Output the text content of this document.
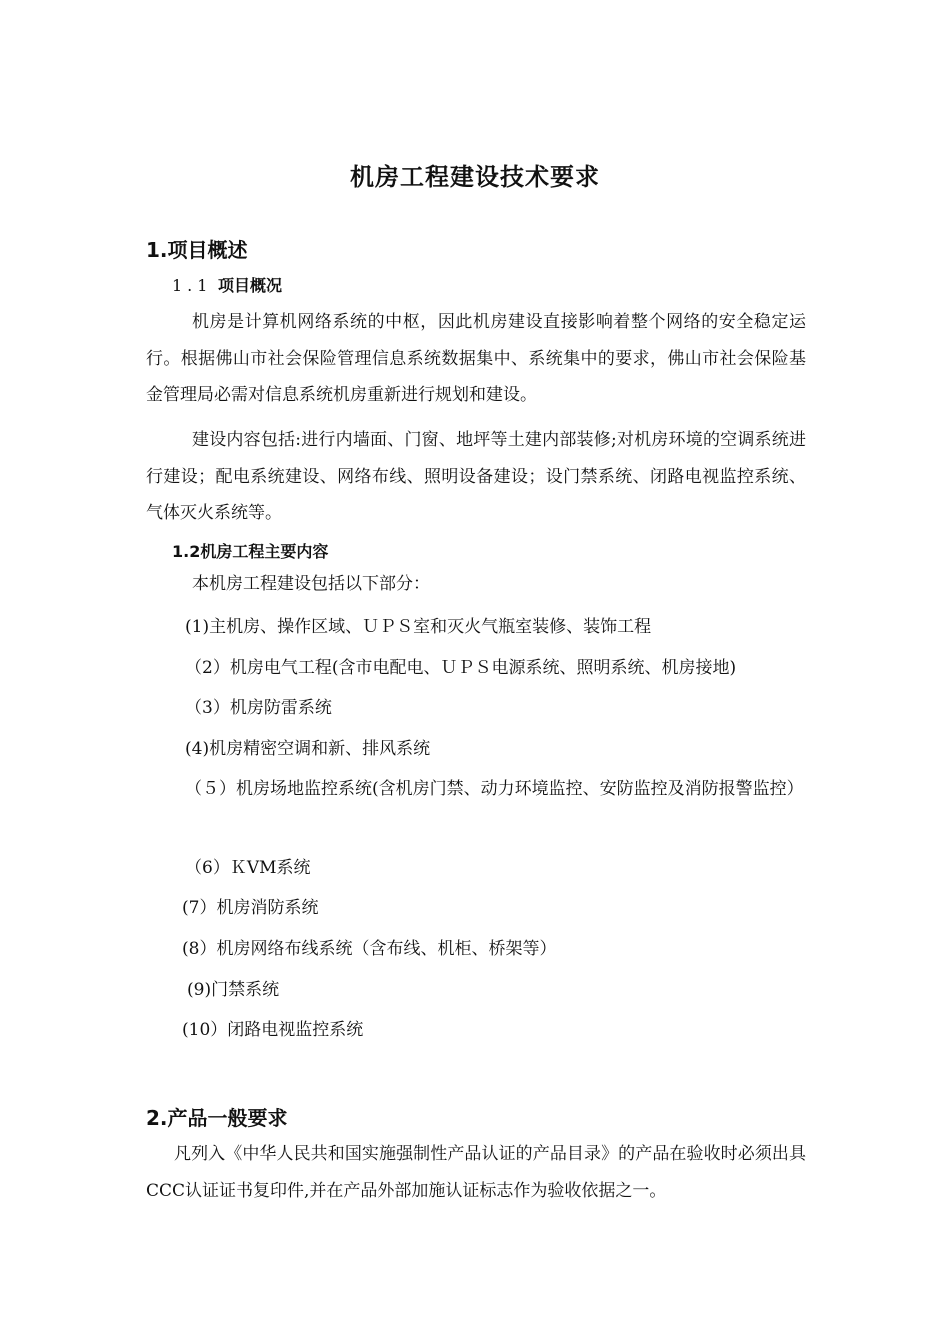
机房工程建设技术要求
1.项目概述
1.1 项目概况
机房是计算机网络系统的中枢，因此机房建设直接影响着整个网络的安全稳定运行。根据佛山市社会保险管理信息系统数据集中、系统集中的要求，佛山市社会保险基金管理局必需对信息系统机房重新进行规划和建设。
建设内容包括:进行内墙面、门窗、地坪等土建内部装修;对机房环境的空调系统进行建设；配电系统建设、网络布线、照明设备建设；设门禁系统、闭路电视监控系统、气体灭火系统等。
1.2机房工程主要内容
本机房工程建设包括以下部分：
(1)主机房、操作区域、ＵＰＳ室和灭火气瓶室装修、装饰工程
（2）机房电气工程(含市电配电、ＵＰＳ电源系统、照明系统、机房接地)
（3）机房防雷系统
(4)机房精密空调和新、排风系统
（５）机房场地监控系统(含机房门禁、动力环境监控、安防监控及消防报警监控）
（6）ＫVM系统
(7）机房消防系统
(8）机房网络布线系统（含布线、机柜、桥架等）
(9)门禁系统
(10）闭路电视监控系统
2.产品一般要求
凡列入《中华人民共和国实施强制性产品认证的产品目录》的产品在验收时必须出具CCC认证证书复印件,并在产品外部加施认证标志作为验收依据之一。
